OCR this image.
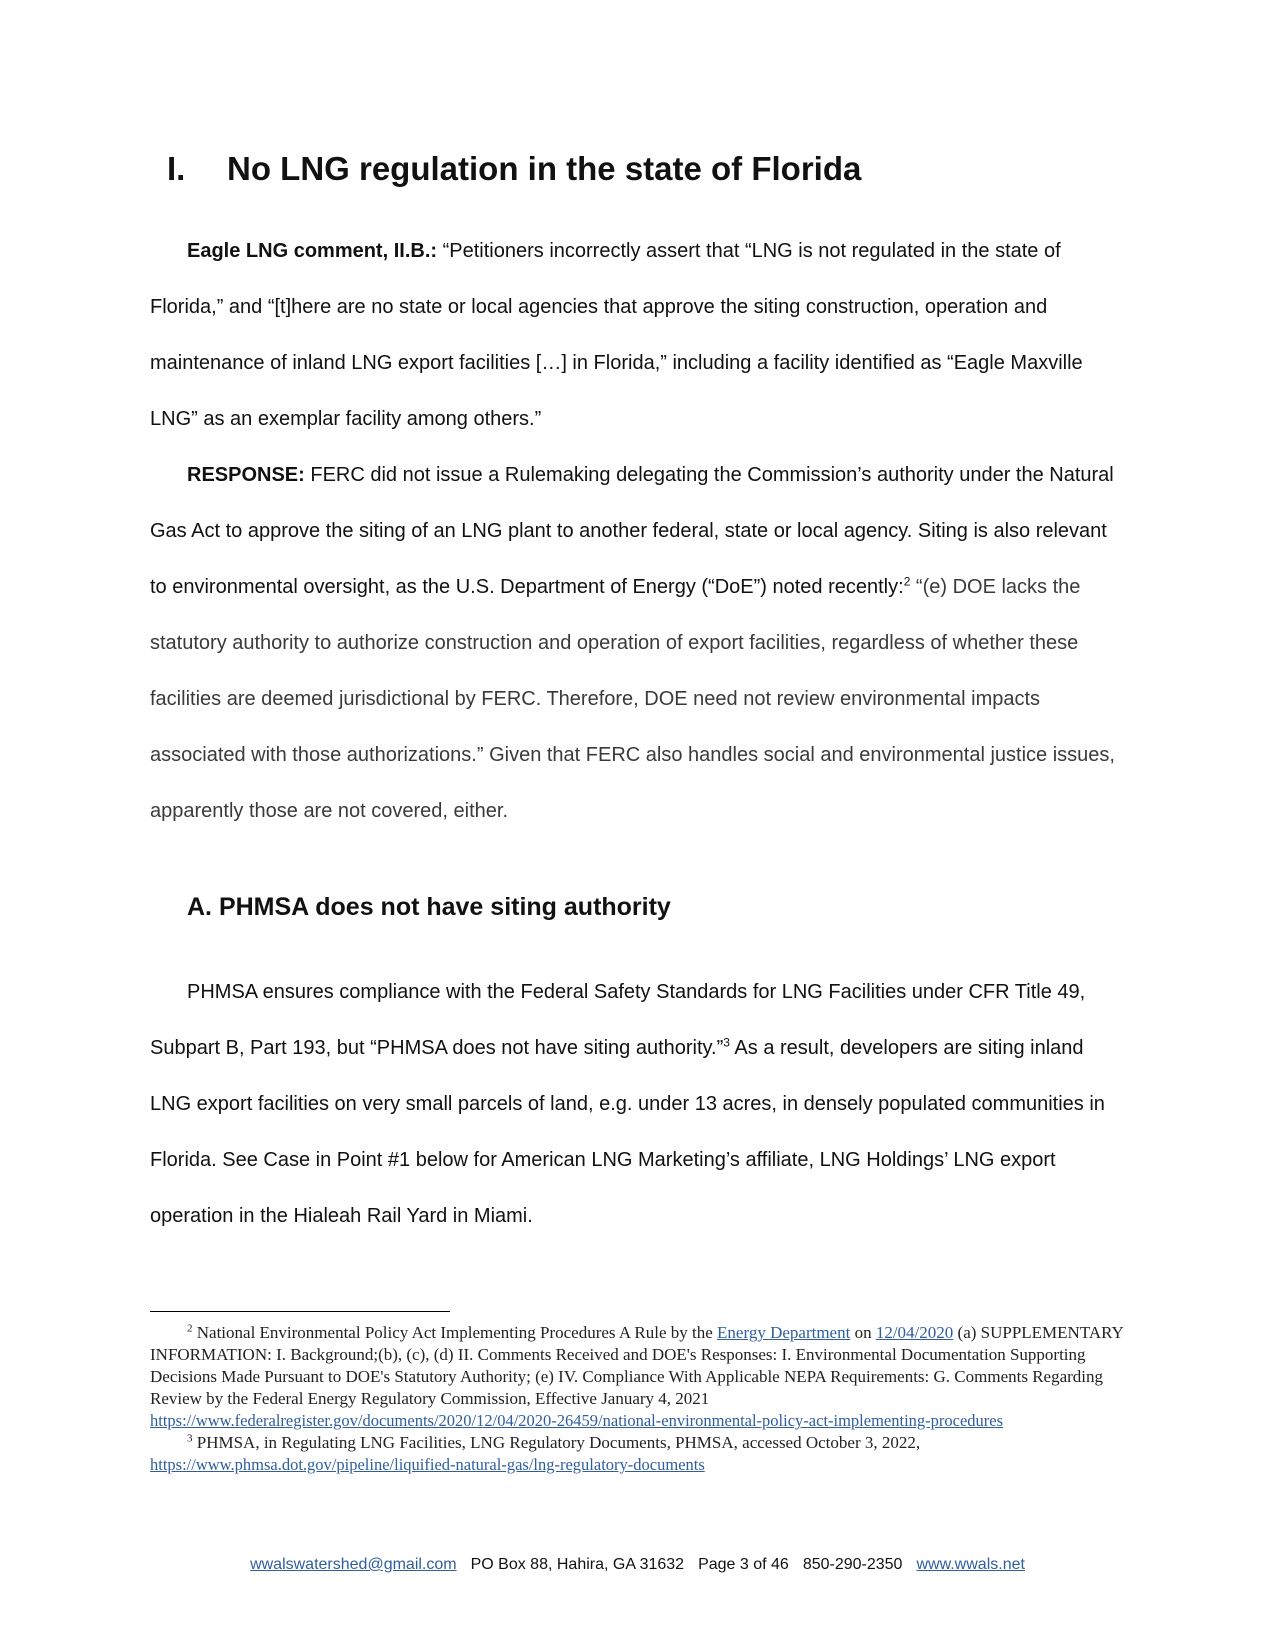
I. No LNG regulation in the state of Florida

Eagle LNG comment, II.B.: “Petitioners incorrectly assert that “LNG is not regulated in the state of Florida,” and “[t]here are no state or local agencies that approve the siting construction, operation and maintenance of inland LNG export facilities […] in Florida,” including a facility identified as “Eagle Maxville LNG” as an exemplar facility among others.”

RESPONSE: FERC did not issue a Rulemaking delegating the Commission’s authority under the Natural Gas Act to approve the siting of an LNG plant to another federal, state or local agency. Siting is also relevant to environmental oversight, as the U.S. Department of Energy (“DoE”) noted recently:$^2$ “(e) DOE lacks the statutory authority to authorize construction and operation of export facilities, regardless of whether these facilities are deemed jurisdictional by FERC. Therefore, DOE need not review environmental impacts associated with those authorizations.” Given that FERC also handles social and environmental justice issues, apparently those are not covered, either.

A. PHMSA does not have siting authority

PHMSA ensures compliance with the Federal Safety Standards for LNG Facilities under CFR Title 49, Subpart B, Part 193, but “PHMSA does not have siting authority.”$^3$ As a result, developers are siting inland LNG export facilities on very small parcels of land, e.g. under 13 acres, in densely populated communities in Florida. See Case in Point #1 below for American LNG Marketing’s affiliate, LNG Holdings’ LNG export operation in the Hialeah Rail Yard in Miami.

$^2$ National Environmental Policy Act Implementing Procedures A Rule by the Energy Department on 12/04/2020 (a) SUPPLEMENTARY INFORMATION: I. Background;(b), (c), (d) II. Comments Received and DOE's Responses: I. Environmental Documentation Supporting Decisions Made Pursuant to DOE's Statutory Authority; (e) IV. Compliance With Applicable NEPA Requirements: G. Comments Regarding Review by the Federal Energy Regulatory Commission, Effective January 4, 2021
https://www.federalregister.gov/documents/2020/12/04/2020-26459/national-environmental-policy-act-implementing-procedures

$^3$ PHMSA, in Regulating LNG Facilities, LNG Regulatory Documents, PHMSA, accessed October 3, 2022,
https://www.phmsa.dot.gov/pipeline/liquified-natural-gas/lng-regulatory-documents

wwalswatershed@gmail.com PO Box 88, Hahira, GA 31632 Page 3 of 46 850-290-2350 www.wwals.net
